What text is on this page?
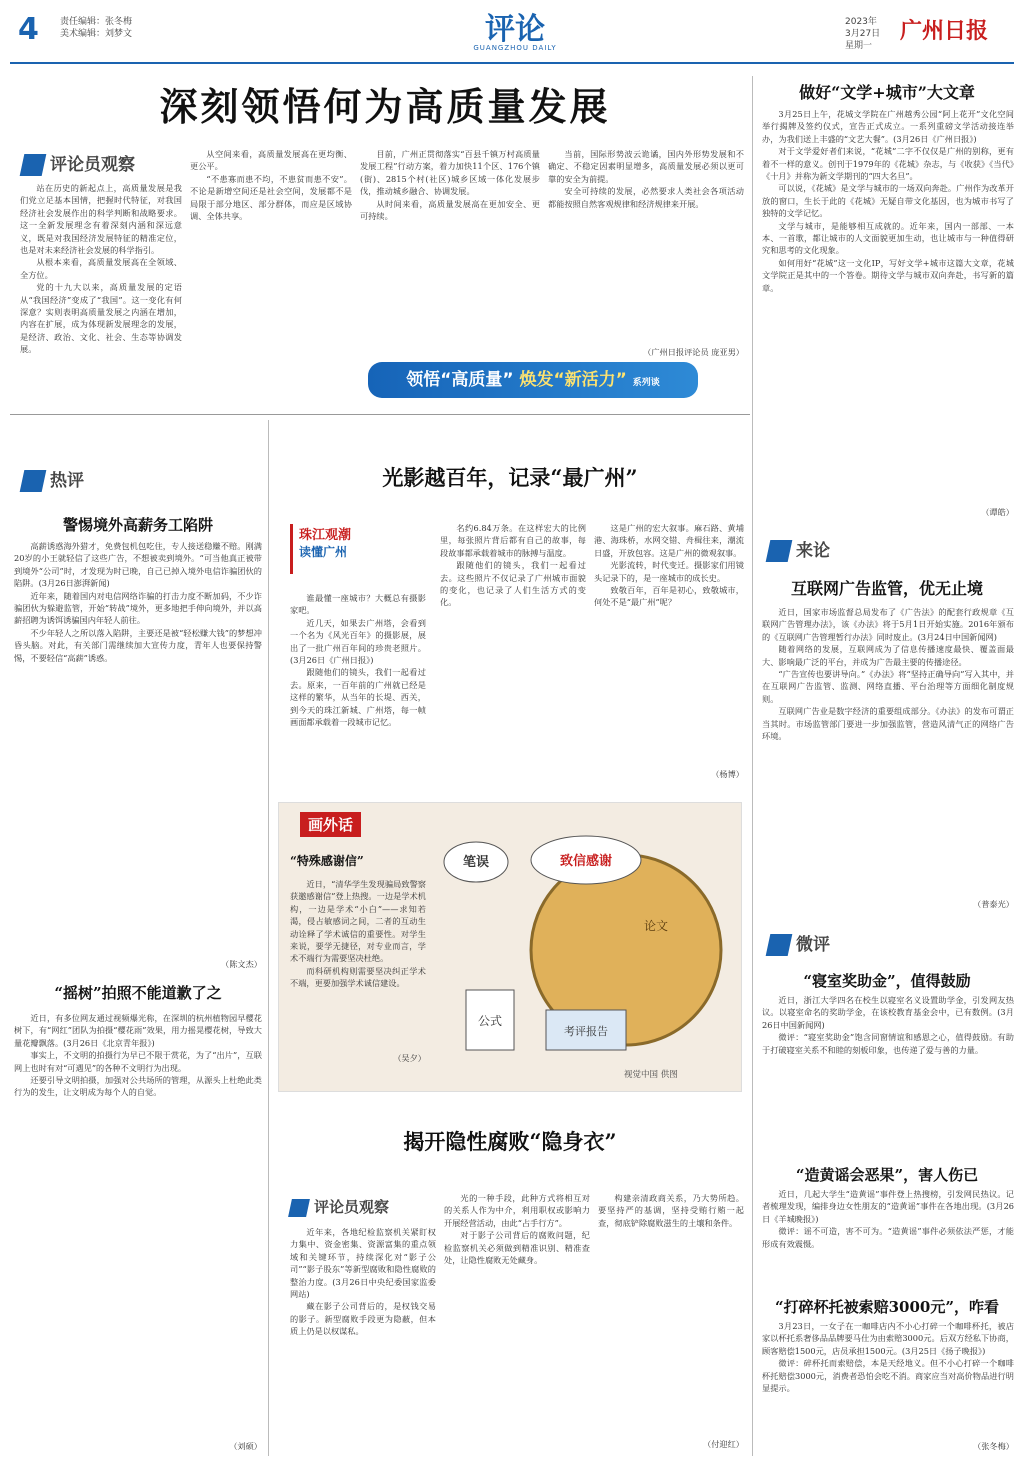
4 责任编辑：张冬梅
美术编辑：刘梦文	评论
GUANGZHOU DAILY
2023年
3月27日
星期一
广州日报
深刻领悟何为高质量发展
评论员观察

站在历史的新起点上，高质量发展是我们党立足基本国情，把握时代特征，对我国经济社会发展作出的科学判断和战略要求。这一全新发展理念有着深刻内涵和深远意义，既是对我国经济发展特征的精准定位，也是对未来经济社会发展的科学指引。

从根本来看，高质量发展高在全领域、全方位。

党的十九大以来，高质量发展的定语从“我国经济”变成了“我国”。这一变化有何深意？实则表明高质量发展之内涵在增加，内容在扩展，成为体现新发展理念的发展，是经济、政治、文化、社会、生态等协调发展。

从空间来看，高质量发展高在更均衡、更公平。

“不患寡而患不均，不患贫而患不安”。不论是新增空间还是社会空间，发展都不是局限于部分地区、部分群体，而应是区域协调、全体共享。

目前，广州正贯彻落实“百县千镇万村高质量发展工程”行动方案，着力加快11个区、176个镇(街)、2815个村(社区)城乡区域一体化发展步伐，推动城乡融合、协调发展。

从时间来看，高质量发展高在更加安全、更可持续。

当前，国际形势波云诡谲，国内外形势发展和不确定、不稳定因素明显增多，高质量发展必须以更可靠的安全为前提。

安全可持续的发展，必然要求人类社会各项活动都能按照自然客观规律和经济规律来开展。

（广州日报评论员 庞亚男）
领悟“高质量” 焕发“新活力” 系列谈
做好“文学+城市”大文章

3月25日上午，花城文学院在广州越秀公园“阿上花开”文化空间举行揭牌及签约仪式，宣告正式成立。一系列重磅文学活动接连举办，为我们送上丰盛的“文艺大餐”。(3月26日《广州日报》)

对于文学爱好者们来说，“花城”二字不仅仅是广州的别称，更有着不一样的意义。创刊于1979年的《花城》杂志，与《收获》《当代》《十月》并称为新文学期刊的“四大名旦”。

可以说，《花城》是文学与城市的一场双向奔赴。广州作为改革开放的窗口，生长于此的《花城》无疑自带文化基因，也为城市书写了独特的文学记忆。

文学与城市，是能够相互成就的。近年来，国内一部部、一本本、一首歌，都让城市的人文面貌更加生动，也让城市与一种值得研究和思考的文化现象。

如何用好“花城”这一文化IP，写好文学+城市这篇大文章，花城文学院正是其中的一个答卷。期待文学与城市双向奔赴，书写新的篇章。

（谭皓）
来论
互联网广告监管，优无止境

近日，国家市场监督总局发布了《广告法》的配套行政规章《互联网广告管理办法》，该《办法》将于5月1日开始实施。2016年颁布的《互联网广告管理暂行办法》同时废止。(3月24日中国新闻网)

随着网络的发展，互联网成为了信息传播速度最快、覆盖面最大、影响最广泛的平台，并成为广告最主要的传播途径。

“广告宣传也要讲导向。”《办法》将“坚持正确导向”写入其中，并在互联网广告监管、监测、网络直播、平台治理等方面细化制度规则。

互联网广告业是数字经济的重要组成部分。《办法》的发布可谓正当其时。市场监管部门要进一步加强监管，营造风清气正的网络广告环境。

（普泰光）
微评
“寝室奖助金”，值得鼓励

近日，浙江大学四名在校生以寝室名义设置助学金，引发网友热议。以寝室命名的奖助学金，在该校教育基金会中，已有数例。(3月26日中国新闻网)

微评：“寝室奖助金”饱含同窗情谊和感恩之心，值得鼓励。有助于打破寝室关系不和睦的刻板印象，也传递了爱与善的力量。

“造黄谣会恶果”，害人伤已

近日，几起大学生“造黄谣”事件登上热搜榜，引发网民热议。记者梳理发现，编排身边女性朋友的“造黄谣”事件在各地出现。(3月26日《羊城晚报》)

微评：谣不可造，害不可为。“造黄谣”事件必须依法严惩，才能形成有效震慑。

“打碎杯托被索赔3000元”，咋看

3月23日，一女子在一咖啡店内不小心打碎一个咖啡杯托，被店家以杯托系奢侈品品牌要马仕为由索赔3000元。后双方经私下协商，顾客赔偿1500元，店员承担1500元。(3月25日《扬子晚报》)

微评：碎杯托而索赔偿，本是天经地义。但不小心打碎一个咖啡杯托赔偿3000元，消费者恐怕会吃不消。商家应当对高价物品进行明显提示。

（张冬梅）
热评
警惕境外高薪务工陷阱

高薪诱惑海外猎才，免费包机包吃住，专人接送稳赚不赔。刚满20岁的小王就轻信了这些广告，不想被卖到境外。“可当他真正被带到境外“公司”时，才发现为时已晚，自己已掉入境外电信诈骗团伙的陷阱。(3月26日澎湃新闻)

近年来，随着国内对电信网络诈骗的打击力度不断加码，不少诈骗团伙为躲避监管，开始“转战”境外，更多地把手伸向境外，并以高薪招聘为诱饵诱骗国内年轻人前往。

不少年轻人之所以落入陷阱，主要还是被“轻松赚大钱”的梦想冲昏头脑。对此，有关部门需继续加大宣传力度，青年人也要保持警惕，不要轻信“高薪”诱惑。

（陈文杰）
“摇树”拍照不能道歉了之

近日，有多位网友通过视频爆光称，在深圳的杭州植物园早樱花树下，有“网红”团队为拍摄“樱花雨”效果，用力摇晃樱花树，导致大量花瓣飘落。(3月26日《北京青年报》)

事实上，不文明的拍摄行为早已不限于赏花，为了“出片”，互联网上也时有对“可遇见”的各种不文明行为出现。

还要引导文明拍摄，加强对公共场所的管理，从源头上杜绝此类行为的发生，让文明成为每个人的自觉。

（刘硕）
光影越百年，记录“最广州”
珠江观潮
读懂广州

谁最懂一座城市？大概总有摄影家吧。

近几天，如果去广州塔，会看到一个名为《风光百年》的摄影展，展出了一批广州百年间的珍贵老照片。(3月26日《广州日报》)

跟随他们的镜头，我们一起看过去。原来，一百年前的广州就已经是这样的繁华，从当年的长堤、西关，到今天的珠江新城、广州塔，每一帧画面都承载着一段城市记忆。

名约6.84万条。在这样宏大的比例里，每张照片背后都有自己的故事，每段故事都承载着城市的脉搏与温度。

跟随他们的镜头，我们一起看过去。这些照片不仅记录了广州城市面貌的变化，也记录了人们生活方式的变化。

这是广州的宏大叙事。麻石路、黄埔港、海珠桥，水网交错、舟楫往来，潮流日盛，开放包容。这是广州的微观叙事。

光影流转，时代变迁。摄影家们用镜头记录下的，是一座城市的成长史。

致敬百年，百年是初心，致敬城市，何处不是“最广州”呢？

（杨博）
画外话
“特殊感谢信”

近日，“清华学生发现骗局致警察获邀感谢信”登上热搜。一边是学术机构，一边是学术“小白”——求知若渴，侵占敏感词之间，二者的互动生动诠释了学术诚信的重要性。对学生来说，要学无捷径，对专业而言，学术不端行为需要坚决杜绝。

而科研机构则需要坚决纠正学术不端，更要加强学术诚信建设。

（吴夕）
笔误	致信感谢
论文
公式
考评报告
视觉中国 供图
揭开隐性腐败“隐身衣”
评论员观察

近年来，各地纪检监察机关紧盯权力集中、资金密集、资源富集的重点领域和关键环节，持续深化对“影子公司”“影子股东”等新型腐败和隐性腐败的整治力度。(3月26日中央纪委国家监委网站)

藏在影子公司背后的，是权钱交易的影子。新型腐败手段更为隐蔽，但本质上仍是以权谋私。

光的一种手段，此种方式将相互对的关系人作为中介，利用职权或影响力开展经营活动，由此“占手行方”。

对于影子公司背后的腐败问题，纪检监察机关必须做到精准识别、精准查处，让隐性腐败无处藏身。

构建亲清政商关系，乃大势所趋。要坚持严的基调，坚持受贿行贿一起查，彻底铲除腐败滋生的土壤和条件。

（付迎红）
